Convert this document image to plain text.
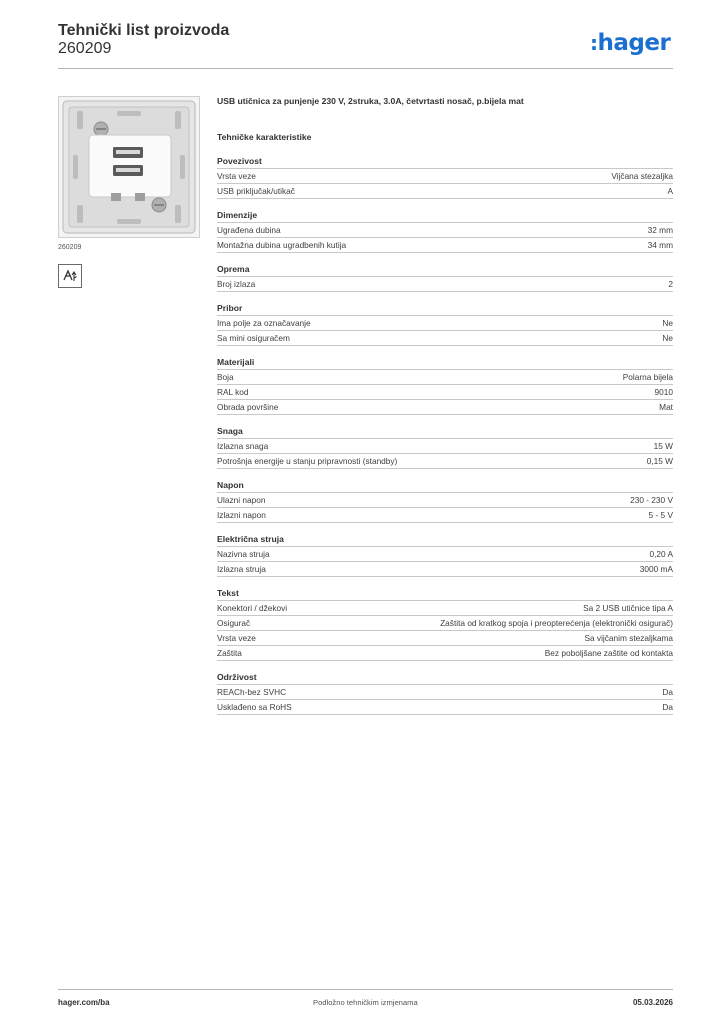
Tehnički list proizvoda
260209	:hager
260209
USB utičnica za punjenje 230 V, 2struka, 3.0A, četvrtasti nosač, p.bijela mat
Tehničke karakteristike
Povezivost
Vrsta veze	Vijčana stezaljka
USB priključak/utikač	A
Dimenzije
Ugrađena dubina	32 mm
Montažna dubina ugradbenih kutija	34 mm
Oprema
Broj izlaza	2
Pribor
Ima polje za označavanje	Ne
Sa mini osiguračem	Ne
Materijali
Boja	Polarna bijela
RAL kod	9010
Obrada površine	Mat
Snaga
Izlazna snaga	15 W
Potrošnja energije u stanju pripravnosti (standby)	0,15 W
Napon
Ulazni napon	230 - 230 V
Izlazni napon	5 - 5 V
Električna struja
Nazivna struja	0,20 A
Izlazna struja	3000 mA
Tekst
Konektori / džekovi	Sa 2 USB utičnice tipa A
Osigurač	Zaštita od kratkog spoja i preopterećenja (elektronički osigurač)
Vrsta veze	Sa vijčanim stezaljkama
Zaštita	Bez poboljšane zaštite od kontakta
Održivost
REACh-bez SVHC	Da
Usklađeno sa RoHS	Da
hager.com/ba	Podložno tehničkim izmjenama	05.03.2026
